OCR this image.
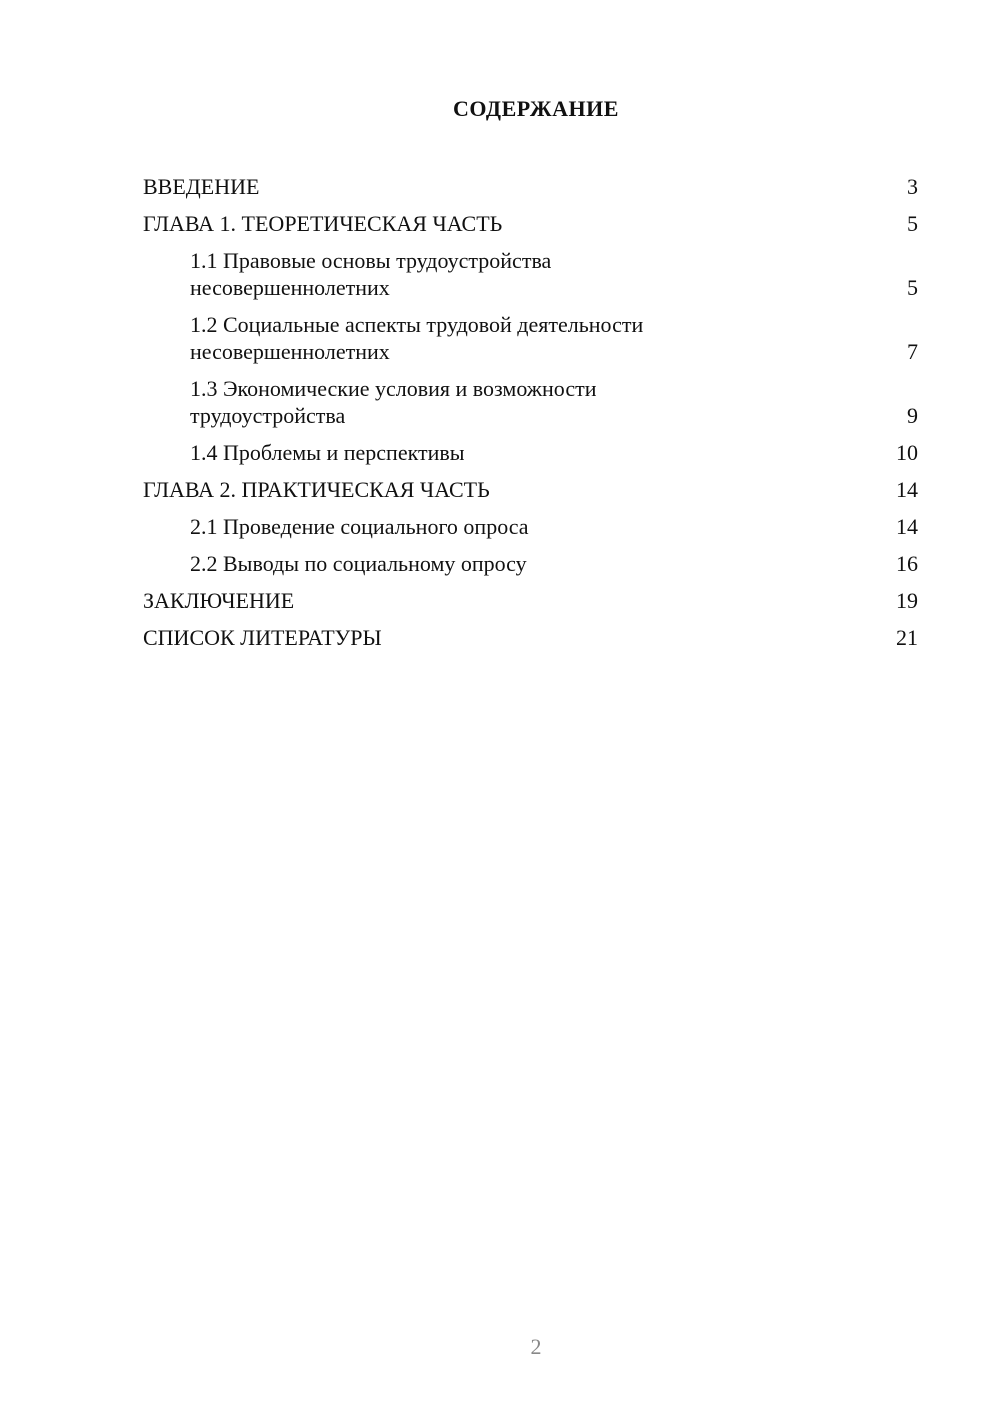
СОДЕРЖАНИЕ
ВВЕДЕНИЕ	3
ГЛАВА 1. ТЕОРЕТИЧЕСКАЯ ЧАСТЬ	5
1.1 Правовые основы трудоустройства
несовершеннолетних	5
1.2 Социальные аспекты трудовой деятельности
несовершеннолетних	7
1.3 Экономические условия и возможности
трудоустройства	9
1.4 Проблемы и перспективы	10
ГЛАВА 2. ПРАКТИЧЕСКАЯ ЧАСТЬ	14
2.1 Проведение социального опроса	14
2.2 Выводы по социальному опросу	16
ЗАКЛЮЧЕНИЕ	19
СПИСОК ЛИТЕРАТУРЫ	21
2
